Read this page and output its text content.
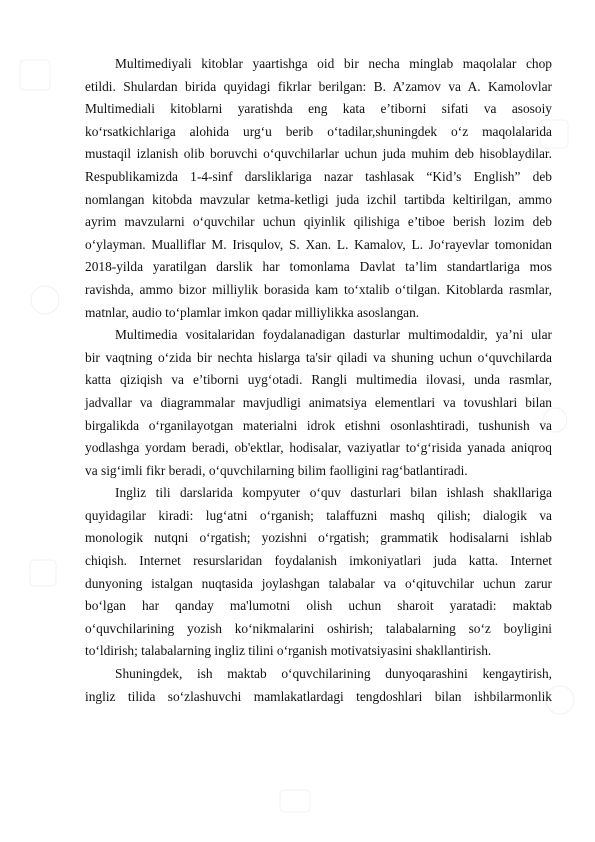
Multimediyali kitoblar yaartishga oid bir necha minglab maqolalar chop
etildi. Shulardan birida quyidagi fikrlar berilgan: B. A’zamov va A. Kamolovlar
Multimediali kitoblarni yaratishda eng kata e’tiborni sifati va asosoiy
ko‘rsatkichlariga alohida urg‘u berib o‘tadilar,shuningdek o‘z maqolalarida
mustaqil izlanish olib boruvchi o‘quvchilarlar uchun juda muhim deb hisoblaydilar.
Respublikamizda 1-4-sinf darsliklariga nazar tashlasak “Kid’s English” deb
nomlangan kitobda mavzular ketma-ketligi juda izchil tartibda keltirilgan, ammo
ayrim mavzularni o‘quvchilar uchun qiyinlik qilishiga e’tiboe berish lozim deb
o‘ylayman. Mualliflar M. Irisqulov, S. Xan. L. Kamalov, L. Jo‘rayevlar tomonidan
2018-yilda yaratilgan darslik har tomonlama Davlat ta’lim standartlariga mos
ravishda, ammo bizor milliylik borasida kam to‘xtalib o‘tilgan. Kitoblarda rasmlar,
matnlar, audio to‘plamlar imkon qadar milliylikka asoslangan.
Multimedia vositalaridan foydalanadigan dasturlar multimodaldir, ya’ni ular
bir vaqtning o‘zida bir nechta hislarga ta'sir qiladi va shuning uchun o‘quvchilarda
katta qiziqish va e’tiborni uyg‘otadi. Rangli multimedia ilovasi, unda rasmlar,
jadvallar va diagrammalar mavjudligi animatsiya elementlari va tovushlari bilan
birgalikda o‘rganilayotgan materialni idrok etishni osonlashtiradi, tushunish va
yodlashga yordam beradi, ob'ektlar, hodisalar, vaziyatlar to‘g‘risida yanada aniqroq
va sig‘imli fikr beradi, o‘quvchilarning bilim faolligini rag‘batlantiradi.
Ingliz tili darslarida kompyuter o‘quv dasturlari bilan ishlash shakllariga
quyidagilar kiradi: lug‘atni o‘rganish; talaffuzni mashq qilish; dialogik va
monologik nutqni o‘rgatish; yozishni o‘rgatish; grammatik hodisalarni ishlab
chiqish. Internet resurslaridan foydalanish imkoniyatlari juda katta. Internet
dunyoning istalgan nuqtasida joylashgan talabalar va o‘qituvchilar uchun zarur
bo‘lgan har qanday ma'lumotni olish uchun sharoit yaratadi: maktab
o‘quvchilarining yozish ko‘nikmalarini oshirish; talabalarning so‘z boyligini
to‘ldirish; talabalarning ingliz tilini o‘rganish motivatsiyasini shakllantirish.
Shuningdek, ish maktab o‘quvchilarining dunyoqarashini kengaytirish,
ingliz tilida so‘zlashuvchi mamlakatlardagi tengdoshlari bilan ishbilarmonlik
